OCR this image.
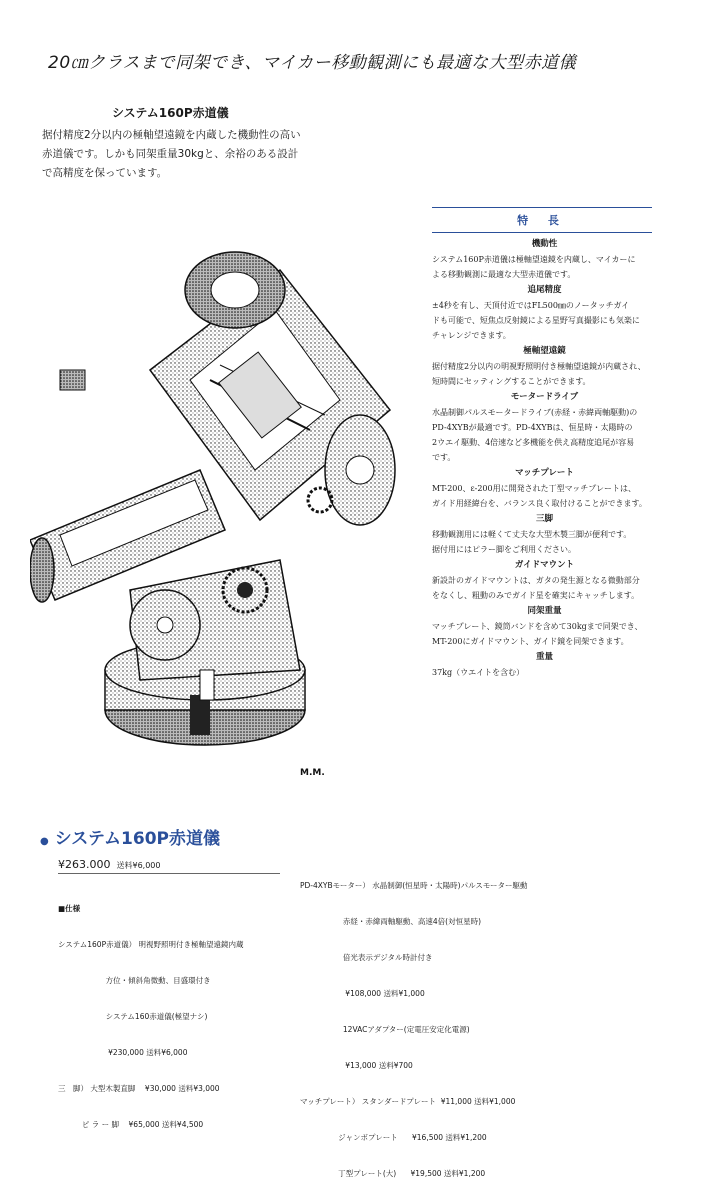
20㎝クラスまで同架でき、マイカー移動観測にも最適な大型赤道儀
システム160P赤道儀
据付精度2分以内の極軸望遠鏡を内蔵した機動性の高い赤道儀です。しかも同架重量30kgと、余裕のある設計で高精度を保っています。
特 長
機動性
システム160P赤道儀は極軸望遠鏡を内蔵し、マイカーに
よる移動観測に最適な大型赤道儀です。
追尾精度
±4秒を有し、天頂付近ではFL500㎜のノータッチガイ
ドも可能で、短焦点反射鏡による星野写真撮影にも気楽に
チャレンジできます。
極軸望遠鏡
据付精度2分以内の明視野照明付き極軸望遠鏡が内蔵され、
短時間にセッティングすることができます。
モータードライブ
水晶制御パルスモータードライブ(赤経・赤緯両軸駆動)の
PD-4XYBが最適です。PD-4XYBは、恒星時・太陽時の
2ウエイ駆動、4倍速など多機能を供え高精度追尾が容易
です。
マッチプレート
MT-200、ε-200用に開発された丁型マッチプレートは、
ガイド用経緯台を、バランス良く取付けることができます。
三脚
移動観測用には軽くて丈夫な大型木製三脚が便利です。
据付用にはピラー脚をご利用ください。
ガイドマウント
新設計のガイドマウントは、ガタの発生源となる微動部分
をなくし、粗動のみでガイド星を確実にキャッチします。
同架重量
マッチプレート、鏡筒バンドを含めて30kgまで同架でき、
MT-200にガイドマウント、ガイド鏡を同架できます。
重量
37kg（ウエイトを含む）
M.M.
● システム160P赤道儀
¥263.000 送料¥6,000

■仕様

システム160P赤道儀） 明視野照明付き極軸望遠鏡内蔵

方位・傾斜角微動、目盛環付き

システム160赤道儀(極望ナシ)

¥230,000 送料¥6,000

三　脚） 大型木製直脚    ¥30,000 送料¥3,000

ピ ラ ー 脚    ¥65,000 送料¥4,500

PD-4XYBモーター） 水晶制御(恒星時・太陽時)パルスモーター駆動

赤経・赤緯両軸駆動、高速4倍(対恒星時)

倍光表示デジタル時計付き

¥108,000 送料¥1,000

12VACアダプター(定電圧安定化電源)

¥13,000 送料¥700

マッチプレート） スタンダードプレート  ¥11,000 送料¥1,000

ジャンボプレート      ¥16,500 送料¥1,200

丁型プレート(大)      ¥19,500 送料¥1,200
